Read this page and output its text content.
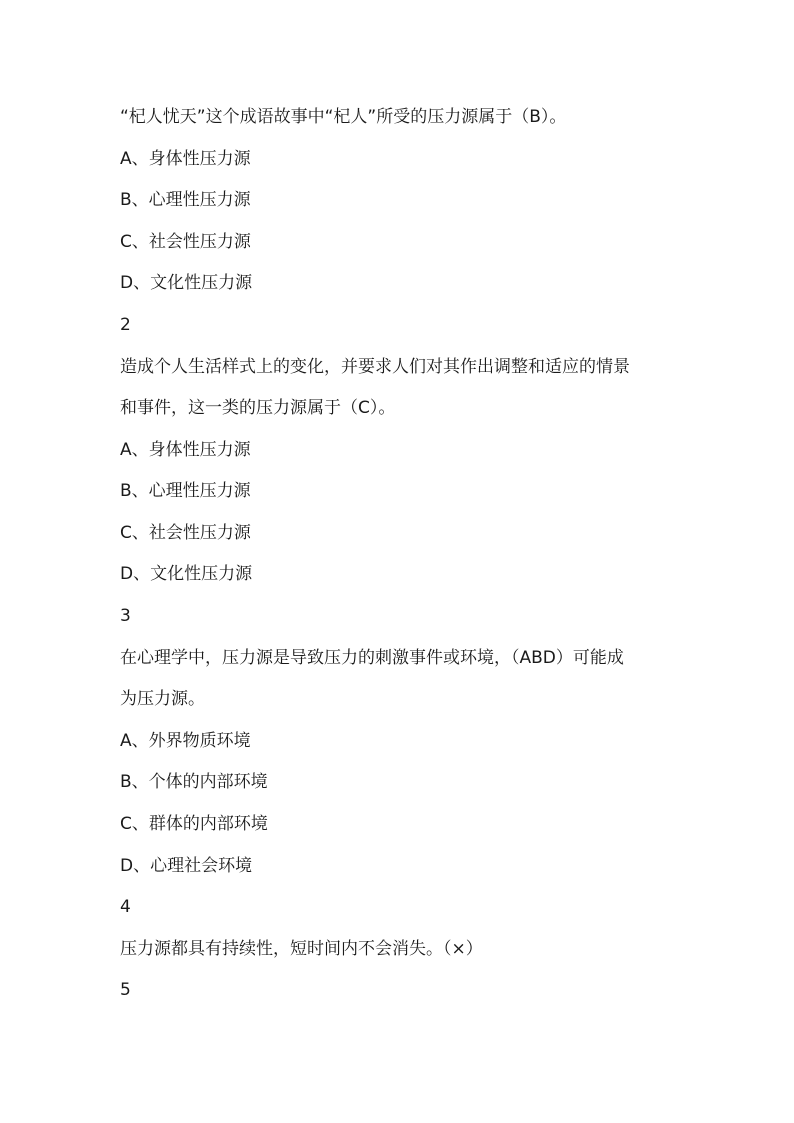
“杞人忧天”这个成语故事中“杞人”所受的压力源属于（B）。
A、身体性压力源
B、心理性压力源
C、社会性压力源
D、文化性压力源
2
造成个人生活样式上的变化，并要求人们对其作出调整和适应的情景
和事件，这一类的压力源属于（C）。
A、身体性压力源
B、心理性压力源
C、社会性压力源
D、文化性压力源
3
在心理学中，压力源是导致压力的刺激事件或环境，（ABD）可能成
为压力源。
A、外界物质环境
B、个体的内部环境
C、群体的内部环境
D、心理社会环境
4
压力源都具有持续性，短时间内不会消失。（×）
5
